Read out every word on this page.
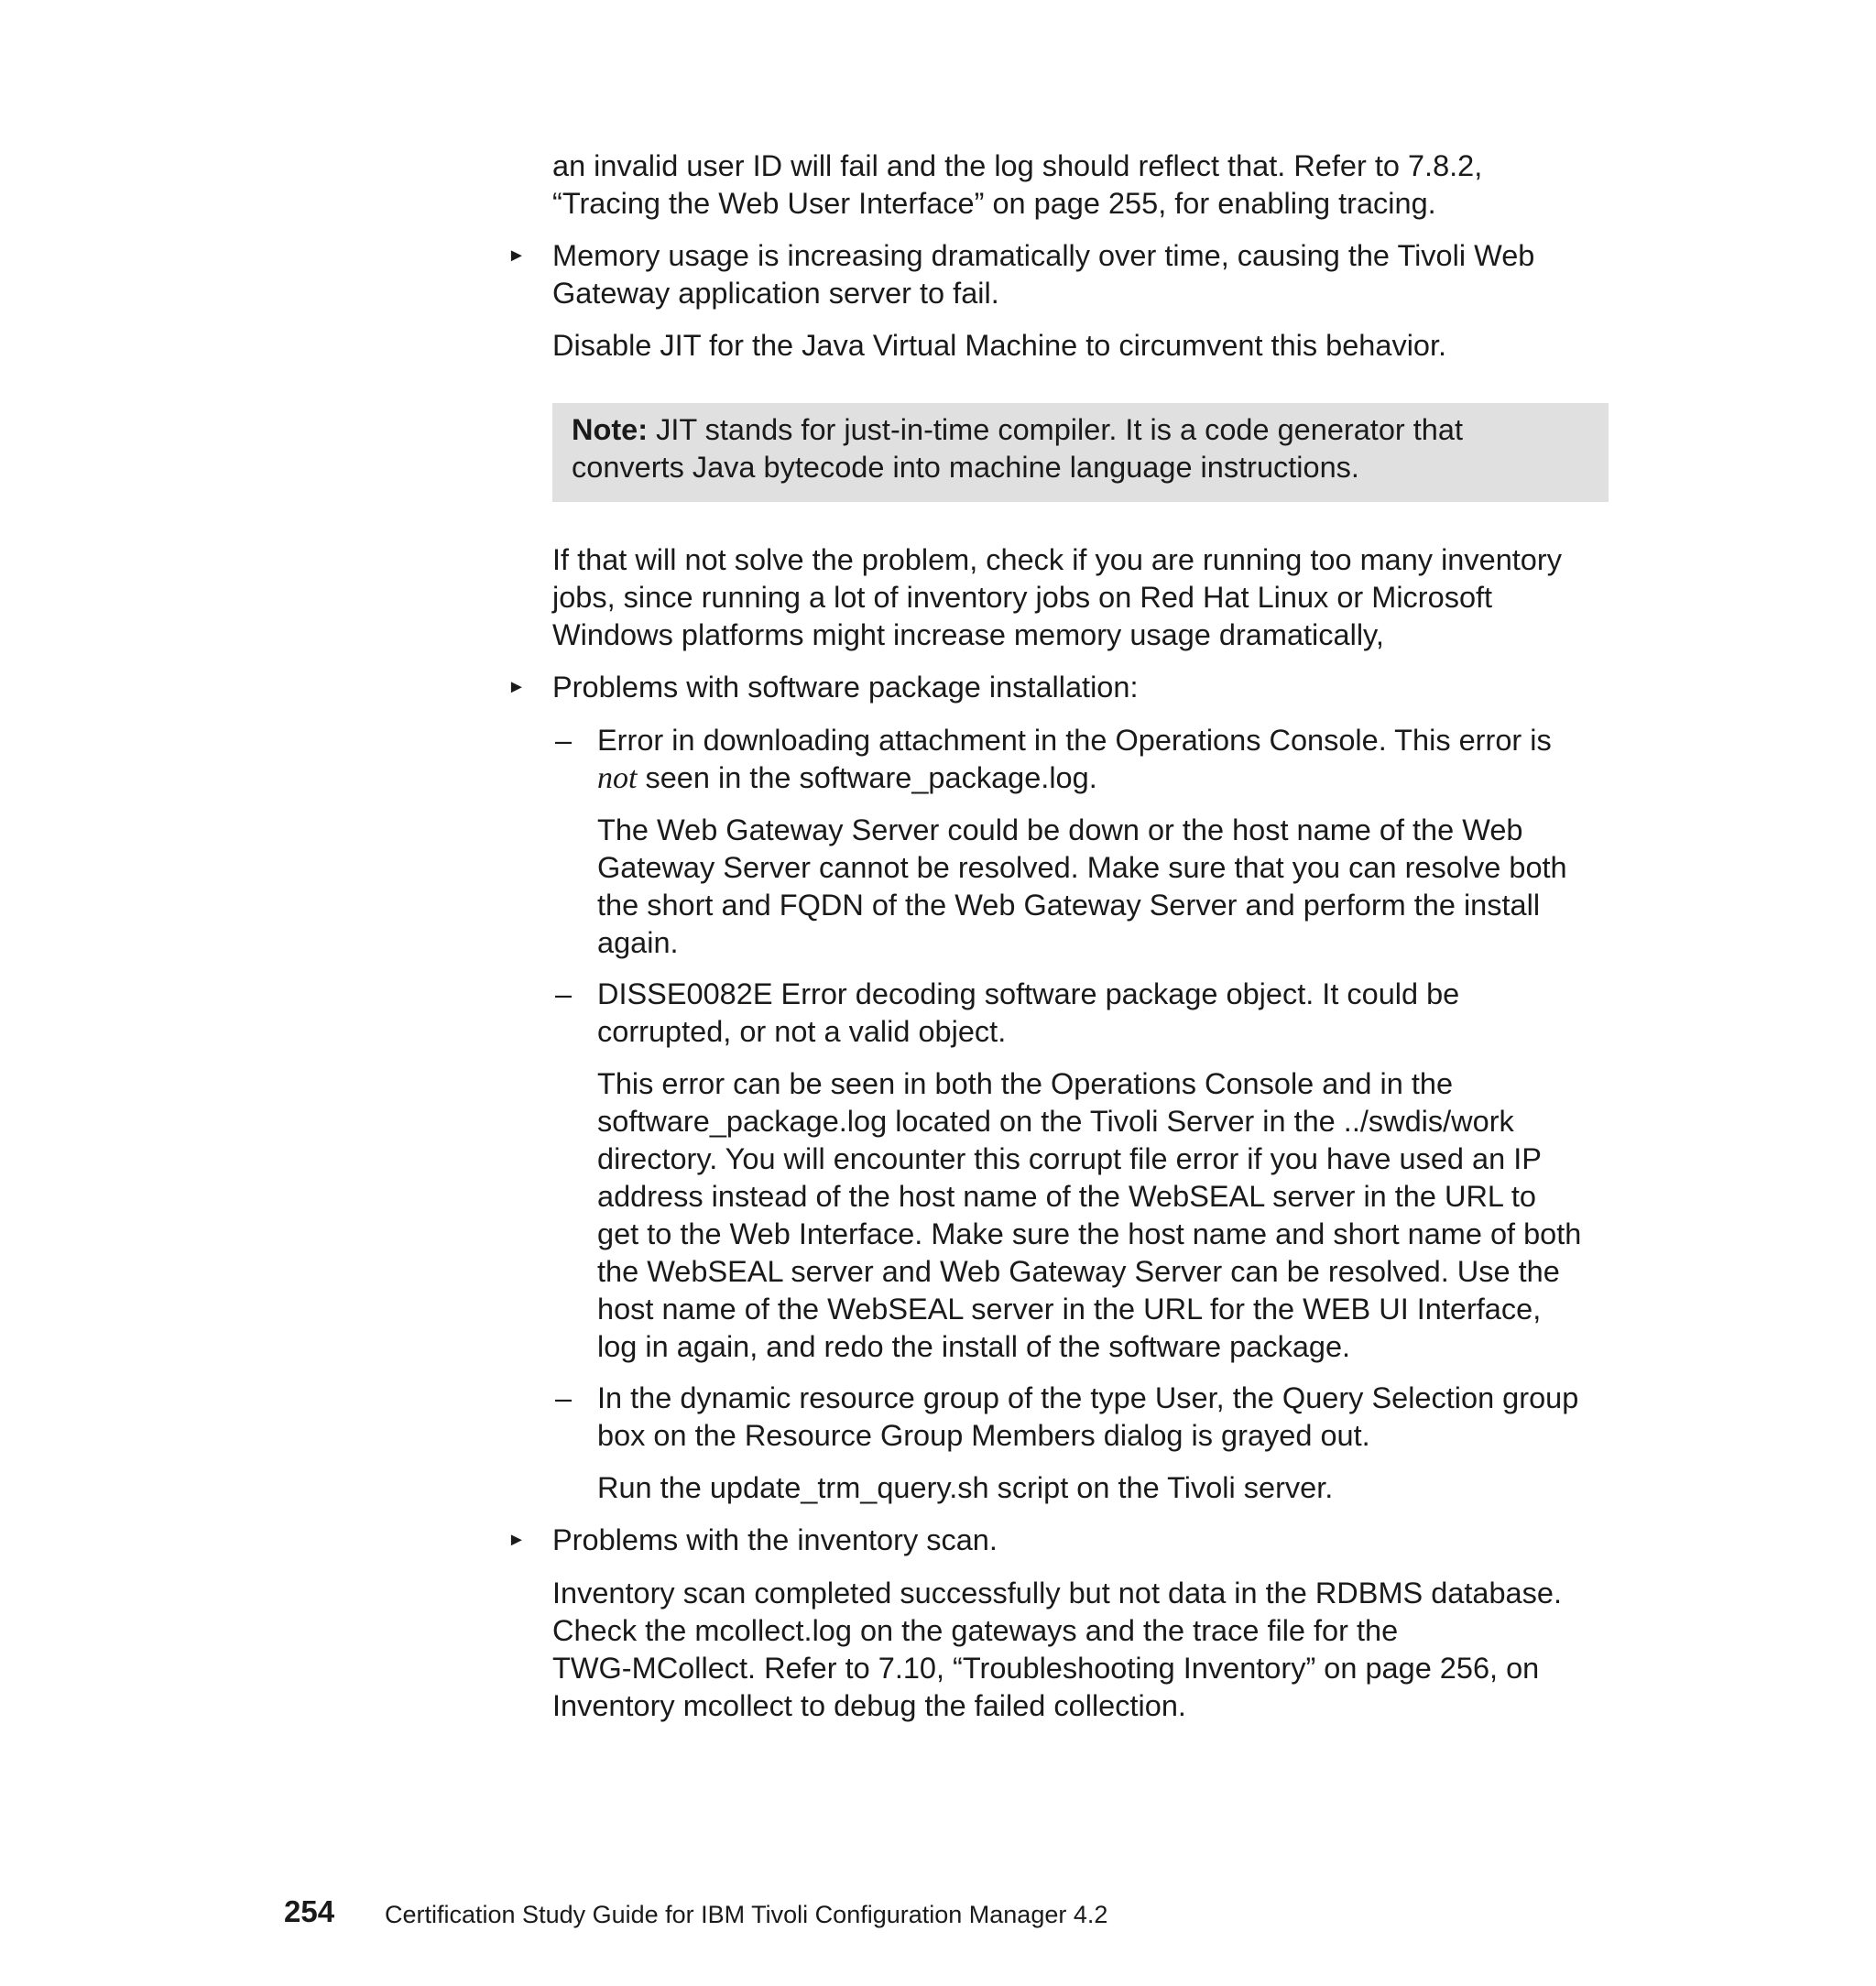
an invalid user ID will fail and the log should reflect that. Refer to 7.8.2,

“Tracing the Web User Interface” on page 255, for enabling tracing.

► Memory usage is increasing dramatically over time, causing the Tivoli Web

Gateway application server to fail.

Disable JIT for the Java Virtual Machine to circumvent this behavior.

Note: JIT stands for just-in-time compiler. It is a code generator that

converts Java bytecode into machine language instructions.

If that will not solve the problem, check if you are running too many inventory

jobs, since running a lot of inventory jobs on Red Hat Linux or Microsoft

Windows platforms might increase memory usage dramatically,

► Problems with software package installation:

– Error in downloading attachment in the Operations Console. This error is

not seen in the software_package.log.

The Web Gateway Server could be down or the host name of the Web

Gateway Server cannot be resolved. Make sure that you can resolve both

the short and FQDN of the Web Gateway Server and perform the install

again.

– DISSE0082E Error decoding software package object. It could be

corrupted, or not a valid object.

This error can be seen in both the Operations Console and in the

software_package.log located on the Tivoli Server in the ../swdis/work

directory. You will encounter this corrupt file error if you have used an IP

address instead of the host name of the WebSEAL server in the URL to

get to the Web Interface. Make sure the host name and short name of both

the WebSEAL server and Web Gateway Server can be resolved. Use the

host name of the WebSEAL server in the URL for the WEB UI Interface,

log in again, and redo the install of the software package.

– In the dynamic resource group of the type User, the Query Selection group

box on the Resource Group Members dialog is grayed out.

Run the update_trm_query.sh script on the Tivoli server.

► Problems with the inventory scan.

Inventory scan completed successfully but not data in the RDBMS database.

Check the mcollect.log on the gateways and the trace file for the

TWG-MCollect. Refer to 7.10, “Troubleshooting Inventory” on page 256, on

Inventory mcollect to debug the failed collection.

254 Certification Study Guide for IBM Tivoli Configuration Manager 4.2
